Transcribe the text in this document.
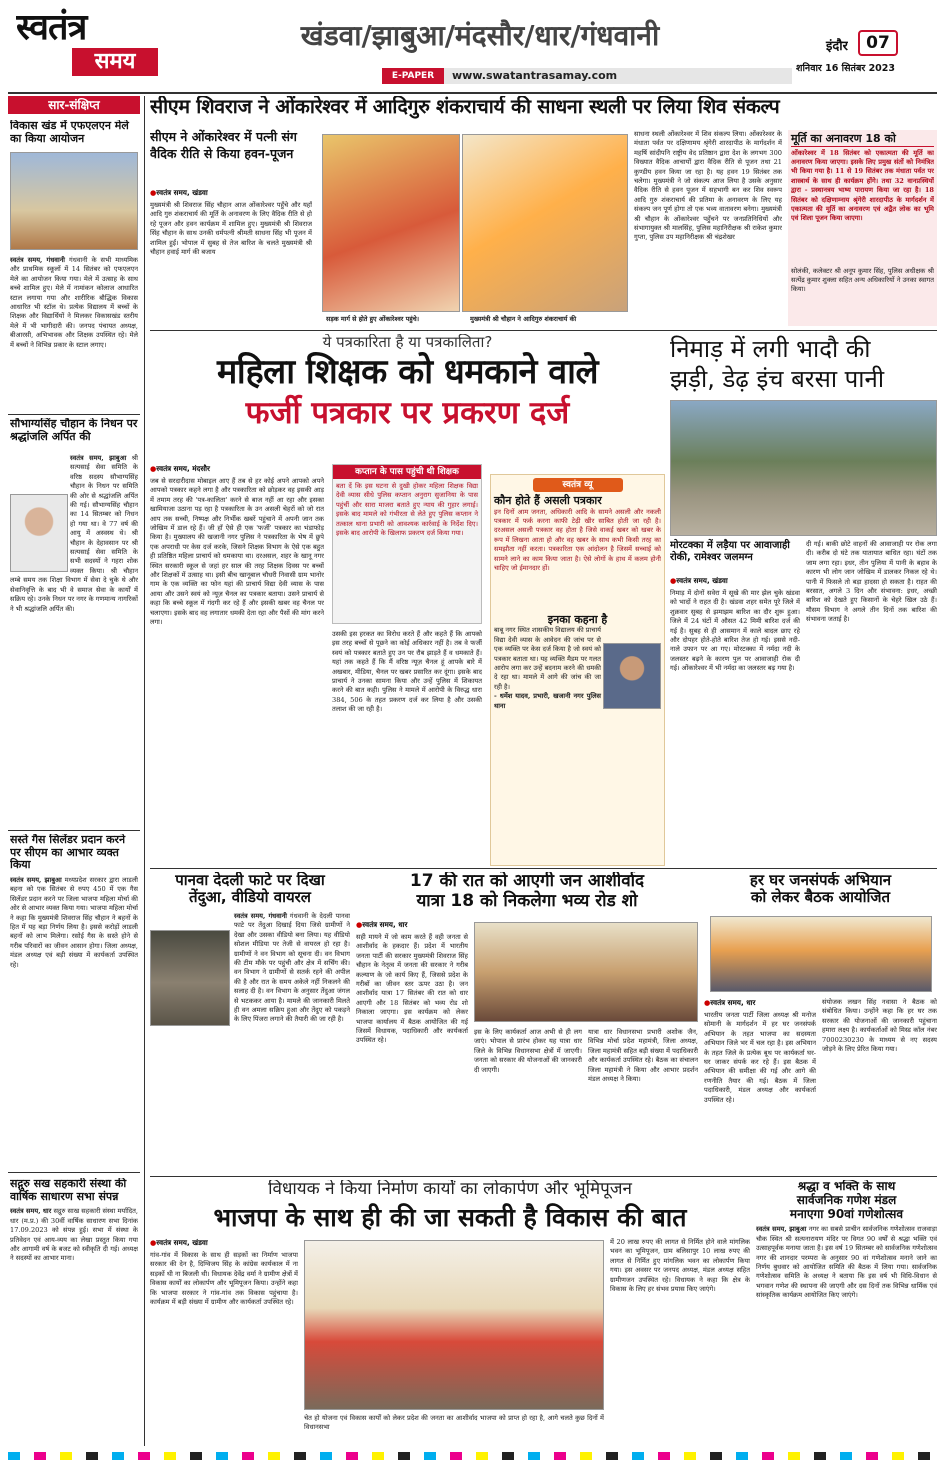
स्वतंत्र
समय
खंडवा/झाबुआ/मंदसौर/धार/गंधवानी
E-PAPER	www.swatantrasamay.com
इंदौर	07
शनिवार 16 सितंबर 2023
सार-संक्षिप्त
विकास खंड में एफएलएन मेले का किया आयोजन
स्वतंत्र समय, गंधवानी गंधवानी के सभी माध्यमिक और प्राथमिक स्कूलों में 14 सितंबर को एफएलएन मेले का आयोजन किया गया। मेले में उत्साह के साथ बच्चे शामिल हुए। मेले में नामांकन कोलाज आधारित स्टाल लगाया गया और शारीरिक बौद्धिक विकास आधारित भी स्टॉल थे। प्रत्येक विद्यालय में बच्चों के शिक्षक और विद्यार्थियों ने मिलकर विकासखंड स्तरीय मेले में भी भागीदारी की। जनपद पंचायत अध्यक्ष, बीआरसी, अभिभावक और शिक्षक उपस्थित रहे। मेले में बच्चों ने विभिन्न प्रकार के स्टाल लगाए।
सौभाग्यसिंह चौहान के निधन पर श्रद्धांजलि अर्पित की
स्वतंत्र समय, झाबुआ श्री सत्यसाई सेवा समिति के वरिष्ठ सदस्य सौभाग्यसिंह चौहान के निधन पर समिति की ओर से श्रद्धांजलि अर्पित की गई। सौभाग्यसिंह चौहान का 14 सितम्बर को निधन हो गया था। वे 77 वर्ष की आयु में अस्वस्थ थे। श्री चौहान के देहावसान पर श्री सत्यसाई सेवा समिति के सभी सदस्यों ने गहरा शोक व्यक्त किया। श्री चौहान लम्बे समय तक शिक्षा विभाग में सेवा दे चुके थे और सेवानिवृत्ति के बाद भी वे समाज सेवा के कार्यों में सक्रिय रहे। उनके निधन पर नगर के गणमान्य नागरिकों ने भी श्रद्धांजलि अर्पित की।
सस्ते गैस सिलेंडर प्रदान करने पर सीएम का आभार व्यक्त किया
स्वतंत्र समय, झाबुआ मध्यप्रदेश सरकार द्वारा लाडली बहना को एक सितंबर से रुपए 450 में एक गैस सिलेंडर प्रदान करने पर जिला भाजपा महिला मोर्चा की ओर से आभार व्यक्त किया गया। भाजपा महिला मोर्चा ने कहा कि मुख्यमंत्री शिवराज सिंह चौहान ने बहनों के हित में यह बड़ा निर्णय लिया है। इससे करोड़ों लाडली बहनों को लाभ मिलेगा। रसोई गैस के सस्ते होने से गरीब परिवारों का जीवन आसान होगा। जिला अध्यक्ष, मंडल अध्यक्ष एवं बड़ी संख्या में कार्यकर्ता उपस्थित रहे।
सद्गुरु सख सहकारी संस्था की वार्षिक साधारण सभा संपन्न
स्वतंत्र समय, धार सद्गुरु साख सहकारी संस्था मर्यादित, धार (म.प्र.) की 30वीं वार्षिक साधारण सभा दिनांक 17.09.2023 को संपन्न हुई। सभा में संस्था के प्रतिवेदन एवं आय-व्यय का लेखा प्रस्तुत किया गया और आगामी वर्ष के बजट को स्वीकृति दी गई। अध्यक्ष ने सदस्यों का आभार माना।
सीएम शिवराज ने ओंकारेश्वर में आदिगुरु शंकराचार्य की साधना स्थली पर लिया शिव संकल्प
सीएम ने ओंकारेश्वर में पत्नी संग वैदिक रीति से किया हवन-पूजन
● स्वतंत्र समय, खंडवा
मुख्यमंत्री श्री शिवराज सिंह चौहान आज ओंकारेश्वर पहुँचे और यहाँ आदि गुरु शंकराचार्य की मूर्ति के अनावरण के लिए वैदिक रीति से हो रहे पूजन और हवन कार्यक्रम में शामिल हुए। मुख्यमंत्री श्री शिवराज सिंह चौहान के साथ उनकी धर्मपत्नी श्रीमती साधना सिंह भी पूजन में शामिल हुईं। भोपाल में सुबह से तेज बारिश के चलते मुख्यमंत्री श्री चौहान हवाई मार्ग की बजाय
सड़क मार्ग से होते हुए ओंकारेश्वर पहुंचे।	मुख्यमंत्री श्री चौहान ने आदिगुरु शंकराचार्य की
साधना स्थली ओंकारेश्वर में शिव संकल्प लिया। ओंकारेश्वर के मंधाता पर्वत पर दक्षिणामय श्रृंगेरी शारदापीठ के मार्गदर्शन में महर्षि सांदीपनि राष्ट्रीय वेद प्रतिष्ठान द्वारा देश के लगभग 300 विख्यात वैदिक आचार्यों द्वारा वैदिक रीति से पूजन तथा 21 कुण्डीय हवन किया जा रहा है। यह हवन 19 सितंबर तक चलेगा। मुख्यमंत्री ने जो संकल्प आज लिया है उसके अनुसार वैदिक रीति से हवन पूजन में सहभागी बन कर शिव स्वरूप आदि गुरु शंकराचार्य की प्रतिमा के अनावरण के लिए यह संकल्प जन पूर्ण होगा तो एक भव्य वातावरण बनेगा। मुख्यमंत्री श्री चौहान के ओंकारेश्वर पहुँचने पर जनप्रतिनिधियों और संभागायुक्त श्री मालसिंह, पुलिस महानिरीक्षक श्री राकेश कुमार गुप्ता, पुलिस उप महानिरीक्षक श्री चंद्रशेखर
मूर्ति का अनावरण 18 को
ओंकारेश्वर में 18 सितंबर को एकात्मता की मूर्ति का अनावरण किया जाएगा। इसके लिए प्रमुख संतों को निमंत्रित भी किया गया है। 11 से 19 सितंबर तक मंधाता पर्वत पर शास्त्रार्थ के साथ ही कार्यक्रम होंगे। तथा 32 वानप्रस्थियों द्वारा - प्रस्थानत्रय भाष्य पारायण किया जा रहा है। 18 सितंबर को दक्षिणाम्नाय श्रृंगेरी शारदापीठ के मार्गदर्शन में एकात्मता की मूर्ति का अनावरण एवं अद्वैत लोक का भूमि एवं शिला पूजन किया जाएगा।
सोलंकी, कलेक्टर श्री अनूप कुमार सिंह, पुलिस अधीक्षक श्री सत्येंद्र कुमार शुक्ला सहित अन्य अधिकारियों ने उनका स्वागत किया।
ये पत्रकारिता है या पत्रकालिता?
महिला शिक्षक को धमकाने वाले
फर्जी पत्रकार पर प्रकरण दर्ज
● स्वतंत्र समय, मंदसौर
जब से सरदारीदास मोबाइल आए हैं तब से हर कोई अपने आपको अपने आपको पत्रकार कहने लगा है और पत्रकारिता को छोड़कर वह इसकी आड़ में तमाम तरह की 'पत्र-कालिता' करने से बाज नहीं आ रहा और इसका खामियाजा उठाना पड़ रहा है पत्रकारिता के उन असली चेहरों को जो रात आप तक सच्ची, निष्पक्ष और निर्भीक खबरें पहुंचाने में अपनी जान तक जोखिम में डाल रहे हैं। जी हाँ ऐसे ही एक 'फर्जी' पत्रकार का भंडाफोड़ किया है। मुख्यालय की खजानी नगर पुलिस ने पत्रकारिता के भेष में छुपे एक अपराधी पर केस दर्ज करके, जिसने शिक्षक विभाग के ऐसे एक बहुत ही प्रतिष्ठित महिला प्राचार्य को धमकाया था। दरअसल, शहर के खानू नगर स्थित सरकारी स्कूल से जहां हर साल की तरह शिक्षक दिवस पर बच्चों और शिक्षकों में उत्साह था। इसी बीच खानूबाल चौधरी निवासी ग्राम भानोर गाम के एक व्यक्ति का फोन यहां की प्राचार्य विद्या देवी व्यास के पास आया और उसने स्वयं को न्यूज़ चैनल का पत्रकार बताया। उसने प्राचार्य से कहा कि बच्चे स्कूल में गंदगी कर रहे हैं और इसकी खबर वह चैनल पर चलाएगा। इसके बाद वह लगातार धमकी देता रहा और पैसों की मांग करने लगा।
कप्तान के पास पहुंची थी शिक्षक
बता दें कि इस घटना से दुखी होकर महिला शिक्षक विद्या देवी व्यास सीधे पुलिस कप्तान अनुराग सुजानिया के पास पहुंचीं और सारा माजरा बताते हुए न्याय की गुहार लगाई। इसके बाद मामले को गंभीरता से लेते हुए पुलिस कप्तान ने तत्काल थाना प्रभारी को आवश्यक कार्रवाई के निर्देश दिए। इसके बाद आरोपी के खिलाफ प्रकरण दर्ज किया गया।
उसकी इस हरकत का विरोध करते हैं और कहते हैं कि आपको इस तरह बच्चों से पूछने का कोई अधिकार नहीं है। तब वे फर्जी स्वयं को पत्रकार बताते हुए उन पर रौब झाड़ते हैं व धमकाते हैं। यहां तक कहते हैं कि मैं वरिष्ठ न्यूज़ चैनल हूं आपके बारे में अखबार, मीडिया, चैनल पर खबर प्रसारित कर दूंगा। इसके बाद प्राचार्य ने उनका सामना किया और उन्हें पुलिस में शिकायत करने की बात कही। पुलिस ने मामले में आरोपी के विरुद्ध धारा 384, 506 के तहत प्रकरण दर्ज कर लिया है और उसकी तलाश की जा रही है।
स्वतंत्र व्यू
कौन होते हैं असली पत्रकार
इन दिनों आम जनता, अधिकारी आदि के सामने असली और नकली पत्रकार में फर्क करना काफी टेढ़ी खीर साबित होती जा रही है। दरअसल असली पत्रकार वह होता है जिसे वाकई खबर को खबर के रूप में लिखना आता हो और वह खबर के साथ कभी किसी तरह का समझौता नहीं करता। पत्रकारिता एक आंदोलन है जिसमें सच्चाई को सामने लाने का काम किया जाता है। ऐसे लोगों के हाथ में कलम होनी चाहिए जो ईमानदार हों।
इनका कहना है
बाबू नगर स्थित शासकीय विद्यालय की प्राचार्य विद्या देवी व्यास के आवेदन की जांच पर से एक व्यक्ति पर केस दर्ज किया है जो स्वयं को पत्रकार बताता था। यह व्यक्ति मैडम पर गलत आरोप लगा कर उन्हें बदनाम करने की धमकी दे रहा था। मामले में आगे की जांच की जा रही है।
- धर्मेश यादव, प्रभारी, खजानी नगर पुलिस थाना
निमाड़ में लगी भादौ की
झड़ी, डेढ़ इंच बरसा पानी
मोरटक्का में लड़ैया पर आवाजाही रोकी, रामेश्वर जलमग्न
● स्वतंत्र समय, खंडवा
निमाड़ में दोनों सवेरा में सूखे की मार झेल चुके खंडवा को भादों ने राहत दी है। खंडवा शहर समेत पूरे जिले में शुक्रवार सुबह से झमाझम बारिश का दौर शुरू हुआ। जिले में 24 घंटों में औसत 42 मिमी बारिश दर्ज की गई है। सुबह से ही आसमान में काले बादल छाए रहे और दोपहर होते-होते बारिश तेज हो गई। इससे नदी-नाले उफान पर आ गए। मोरटक्का में नर्मदा नदी के जलस्तर बढ़ने के कारण पुल पर आवाजाही रोक दी गई। ओंकारेश्वर में भी नर्मदा का जलस्तर बढ़ गया है।
दी गई। बाकी छोटे वाहनों की आवाजाही पर रोक लगा दी। करीब दो घंटे तक यातायात बाधित रहा। घंटों तक जाम लगा रहा। इधर, तीन पुलिया में पानी के बहाव के कारण भी लोग जान जोखिम में डालकर निकल रहे थे। पानी में फिसले तो बड़ा हादसा हो सकता है। राहत की बरसात, अगले 3 दिन और संभावना: इधर, अच्छी बारिश को देखते हुए किसानों के चेहरे खिल उठे हैं। मौसम विभाग ने अगले तीन दिनों तक बारिश की संभावना जताई है।
पानवा देदली फाटे पर दिखा
तेंदुआ, वीडियो वायरल
स्वतंत्र समय, गंधवानी गंधवानी के देदली पानवा फाटे पर तेंदुआ दिखाई दिया जिसे ग्रामीणों ने देखा और उसका वीडियो बना लिया। यह वीडियो सोशल मीडिया पर तेजी से वायरल हो रहा है। ग्रामीणों ने वन विभाग को सूचना दी। वन विभाग की टीम मौके पर पहुंची और क्षेत्र में सर्चिंग की। वन विभाग ने ग्रामीणों से सतर्क रहने की अपील की है और रात के समय अकेले नहीं निकलने की सलाह दी है। वन विभाग के अनुसार तेंदुआ जंगल से भटककर आया है। मामले की जानकारी मिलते ही वन अमला सक्रिय हुआ और तेंदुए को पकड़ने के लिए पिंजरा लगाने की तैयारी की जा रही है।
17 की रात को आएगी जन आशीर्वाद
यात्रा 18 को निकलेगा भव्य रोड शो
● स्वतंत्र समय, धार
सही मायने में जो काम करते हैं वही जनता से आशीर्वाद के हकदार हैं। प्रदेश में भारतीय जनता पार्टी की सरकार मुख्यमंत्री शिवराज सिंह चौहान के नेतृत्व में जनता की सरकार ने गरीब कल्याण के जो कार्य किए हैं, जिससे प्रदेश के गरीबों का जीवन स्तर ऊपर उठा है। जन आशीर्वाद यात्रा 17 सितंबर की रात को धार आएगी और 18 सितंबर को भव्य रोड शो निकाला जाएगा। इस कार्यक्रम को लेकर भाजपा कार्यालय में बैठक आयोजित की गई जिसमें विधायक, पदाधिकारी और कार्यकर्ता उपस्थित रहे।
इस के लिए कार्यकर्ता आज अभी से ही लग जाएं। भोपाल से प्रारंभ होकर यह यात्रा धार जिले के विभिन्न विधानसभा क्षेत्रों में जाएगी। जनता को सरकार की योजनाओं की जानकारी दी जाएगी।
यात्रा धार विधानसभा प्रभारी अशोक जैन, विभिन्न मोर्चा प्रदेश महामंत्री, जिला अध्यक्ष, जिला महामंत्री सहित बड़ी संख्या में पदाधिकारी और कार्यकर्ता उपस्थित रहे। बैठक का संचालन जिला महामंत्री ने किया और आभार प्रदर्शन मंडल अध्यक्ष ने किया।
हर घर जनसंपर्क अभियान
को लेकर बैठक आयोजित
● स्वतंत्र समय, धार
भारतीय जनता पार्टी जिला अध्यक्ष श्री मनोज सोमानी के मार्गदर्शन में हर घर जनसंपर्क अभियान के तहत भाजपा का सदस्यता अभियान जिले भर में चल रहा है। इस अभियान के तहत जिले के प्रत्येक बूथ पर कार्यकर्ता घर-घर जाकर संपर्क कर रहे हैं। इस बैठक में अभियान की समीक्षा की गई और आगे की रणनीति तैयार की गई। बैठक में जिला पदाधिकारी, मंडल अध्यक्ष और कार्यकर्ता उपस्थित रहे।
संयोजक लखन सिंह नवासा ने बैठक को संबोधित किया। उन्होंने कहा कि हर घर तक सरकार की योजनाओं की जानकारी पहुंचाना हमारा लक्ष्य है। कार्यकर्ताओं को मिस्ड कॉल नंबर 7000230230 के माध्यम से नए सदस्य जोड़ने के लिए प्रेरित किया गया।
विधायक ने किया निर्माण कार्यों का लोकार्पण और भूमिपूजन
भाजपा के साथ ही की जा सकती है विकास की बात
● स्वतंत्र समय, खंडवा
गांव-गांव में विकास के साथ ही सड़कों का निर्माण भाजपा सरकार की देन है, दिग्विजय सिंह के कांग्रेस कार्यकाल में ना सड़कों थी ना बिजली थी। विधायक देवेंद्र वर्मा ने ग्रामीण क्षेत्रों में विकास कार्यों का लोकार्पण और भूमिपूजन किया। उन्होंने कहा कि भाजपा सरकार ने गांव-गांव तक विकास पहुंचाया है। कार्यक्रम में बड़ी संख्या में ग्रामीण और कार्यकर्ता उपस्थित रहे।
चेत हो योजना एवं विकास कार्यों को लेकर प्रदेश की जनता का आशीर्वाद भाजपा को प्राप्त हो रहा है, आगे चलते कुछ दिनों में विधानसभा
में 20 लाख रुपए की लागत से निर्मित होने वाले मांगलिक भवन का भूमिपूजन, ग्राम बलिसापुर 10 लाख रुपए की लागत से निर्मित हुए मांगलिक भवन का लोकार्पण किया गया। इस अवसर पर जनपद अध्यक्ष, मंडल अध्यक्ष सहित ग्रामीणजन उपस्थित रहे। विधायक ने कहा कि क्षेत्र के विकास के लिए हर संभव प्रयास किए जाएंगे।
श्रद्धा व भक्ति के साथ
सार्वजनिक गणेश मंडल
मनाएगा 90वां गणेशोत्सव
स्वतंत्र समय, झाबुआ नगर का सबसे प्राचीन सार्वजनिक गणेशोत्सव राजवाड़ा चौक स्थित श्री सत्यनारायण मंदिर पर विगत 90 वर्षों से श्रद्धा भक्ति एवं उत्साहपूर्वक मनाया जाता है। इस वर्ष 19 सितम्बर को सार्वजनिक गणेशोत्सव नगर की शानदार परम्परा के अनुसार 90 वां गणेशोत्सव मनाने जाने का निर्णय बुधवार को आयोजित समिति की बैठक में लिया गया। सार्वजनिक गणेशोत्सव समिति के अध्यक्ष ने बताया कि इस वर्ष भी विधि-विधान से भगवान गणेश की स्थापना की जाएगी और दस दिनों तक विभिन्न धार्मिक एवं सांस्कृतिक कार्यक्रम आयोजित किए जाएंगे।
